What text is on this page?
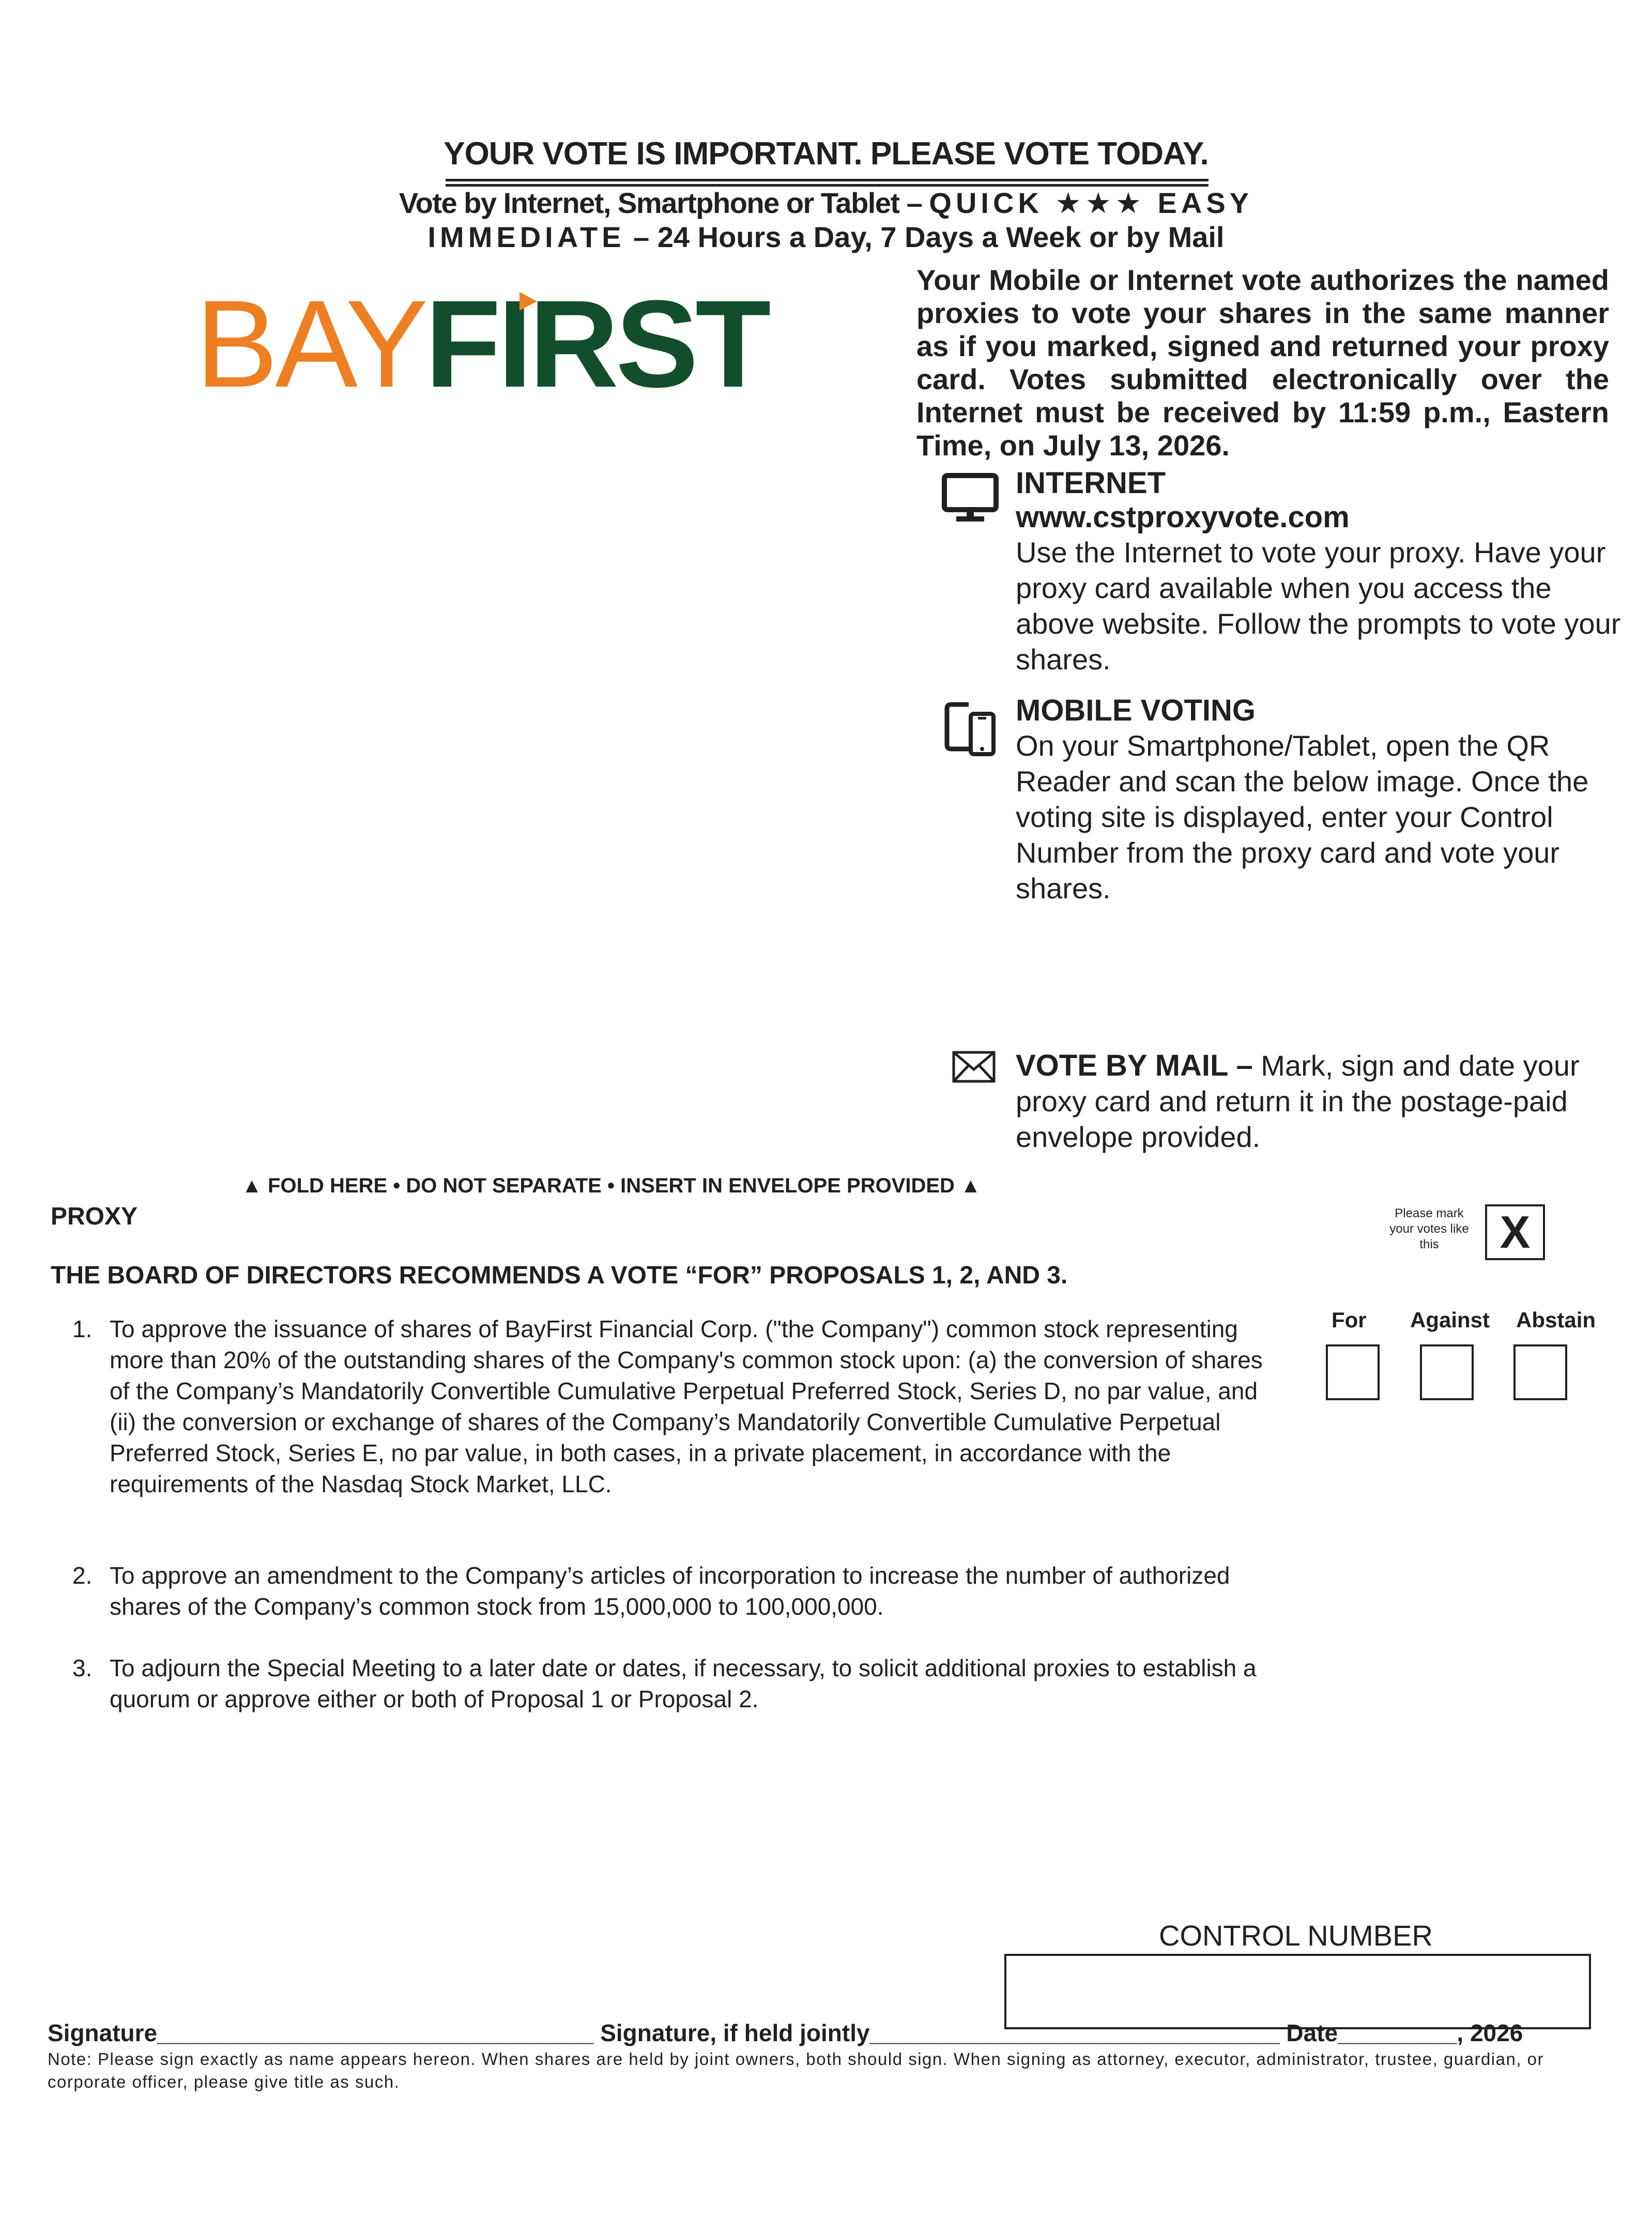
YOUR VOTE IS IMPORTANT. PLEASE VOTE TODAY.
Vote by Internet, Smartphone or Tablet – QUICK ★★★ EASY
IMMEDIATE – 24 Hours a Day, 7 Days a Week or by Mail
BAYFIRST	Your Mobile or Internet vote authorizes the named proxies to vote your shares in the same manner as if you marked, signed and returned your proxy card. Votes submitted electronically over the Internet must be received by 11:59 p.m., Eastern Time, on July 13, 2026.
INTERNET
www.cstproxyvote.com
Use the Internet to vote your proxy. Have your proxy card available when you access the above website. Follow the prompts to vote your shares.
MOBILE VOTING
On your Smartphone/Tablet, open the QR Reader and scan the below image. Once the voting site is displayed, enter your Control Number from the proxy card and vote your shares.
VOTE BY MAIL – Mark, sign and date your proxy card and return it in the postage-paid envelope provided.
▲ FOLD HERE • DO NOT SEPARATE • INSERT IN ENVELOPE PROVIDED ▲
PROXY	Please mark your votes like this	X
THE BOARD OF DIRECTORS RECOMMENDS A VOTE “FOR” PROPOSALS 1, 2, AND 3.
For Against Abstain
1. To approve the issuance of shares of BayFirst Financial Corp. ("the Company") common stock representing more than 20% of the outstanding shares of the Company's common stock upon: (a) the conversion of shares of the Company’s Mandatorily Convertible Cumulative Perpetual Preferred Stock, Series D, no par value, and (ii) the conversion or exchange of shares of the Company’s Mandatorily Convertible Cumulative Perpetual Preferred Stock, Series E, no par value, in both cases, in a private placement, in accordance with the requirements of the Nasdaq Stock Market, LLC.
2. To approve an amendment to the Company’s articles of incorporation to increase the number of authorized shares of the Company’s common stock from 15,000,000 to 100,000,000.
3. To adjourn the Special Meeting to a later date or dates, if necessary, to solicit additional proxies to establish a quorum or approve either or both of Proposal 1 or Proposal 2.
CONTROL NUMBER
Signature_________________________________ Signature, if held jointly_______________________________ Date_________, 2026
Note: Please sign exactly as name appears hereon. When shares are held by joint owners, both should sign. When signing as attorney, executor, administrator, trustee, guardian, or corporate officer, please give title as such.
